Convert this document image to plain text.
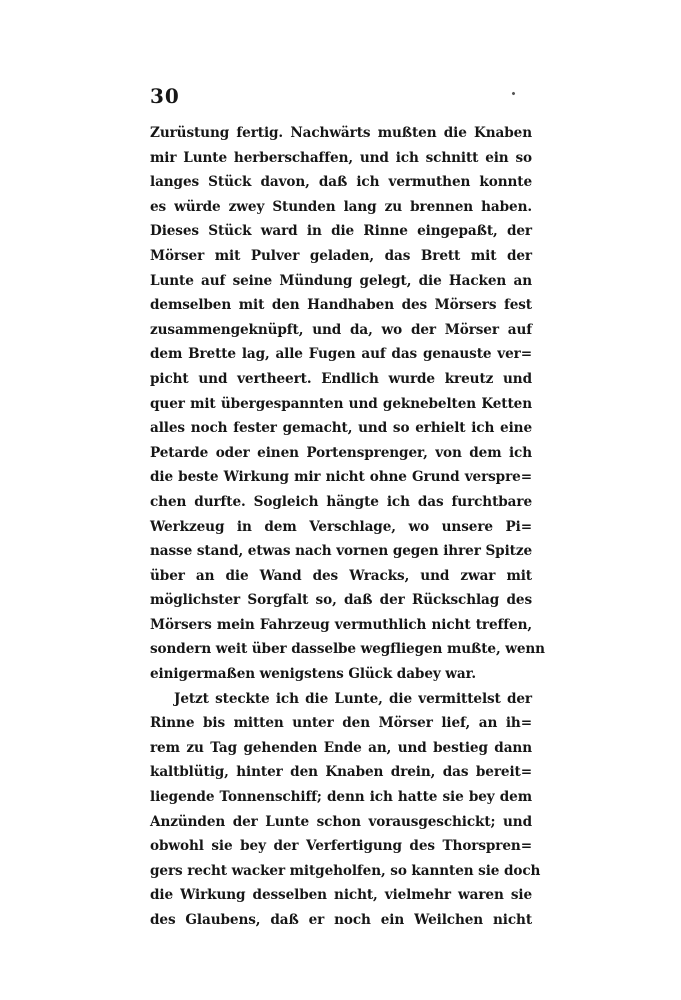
30
Zurüstung fertig. Nachwärts mußten die Knaben
mir Lunte herberschaffen, und ich schnitt ein so
langes Stück davon, daß ich vermuthen konnte
es würde zwey Stunden lang zu brennen haben.
Dieses Stück ward in die Rinne eingepaßt, der
Mörser mit Pulver geladen, das Brett mit der
Lunte auf seine Mündung gelegt, die Hacken an
demselben mit den Handhaben des Mörsers fest
zusammengeknüpft, und da, wo der Mörser auf
dem Brette lag, alle Fugen auf das genauste ver=
picht und vertheert. Endlich wurde kreutz und
quer mit übergespannten und geknebelten Ketten
alles noch fester gemacht, und so erhielt ich eine
Petarde oder einen Portensprenger, von dem ich
die beste Wirkung mir nicht ohne Grund verspre=
chen durfte. Sogleich hängte ich das furchtbare
Werkzeug in dem Verschlage, wo unsere Pi=
nasse stand, etwas nach vornen gegen ihrer Spitze
über an die Wand des Wracks, und zwar mit
möglichster Sorgfalt so, daß der Rückschlag des
Mörsers mein Fahrzeug vermuthlich nicht treffen,
sondern weit über dasselbe wegfliegen mußte, wenn
einigermaßen wenigstens Glück dabey war.
Jetzt steckte ich die Lunte, die vermittelst der
Rinne bis mitten unter den Mörser lief, an ih=
rem zu Tag gehenden Ende an, und bestieg dann
kaltblütig, hinter den Knaben drein, das bereit=
liegende Tonnenschiff; denn ich hatte sie bey dem
Anzünden der Lunte schon vorausgeschickt; und
obwohl sie bey der Verfertigung des Thorspren=
gers recht wacker mitgeholfen, so kannten sie doch
die Wirkung desselben nicht, vielmehr waren sie
des Glaubens, daß er noch ein Weilchen nicht
